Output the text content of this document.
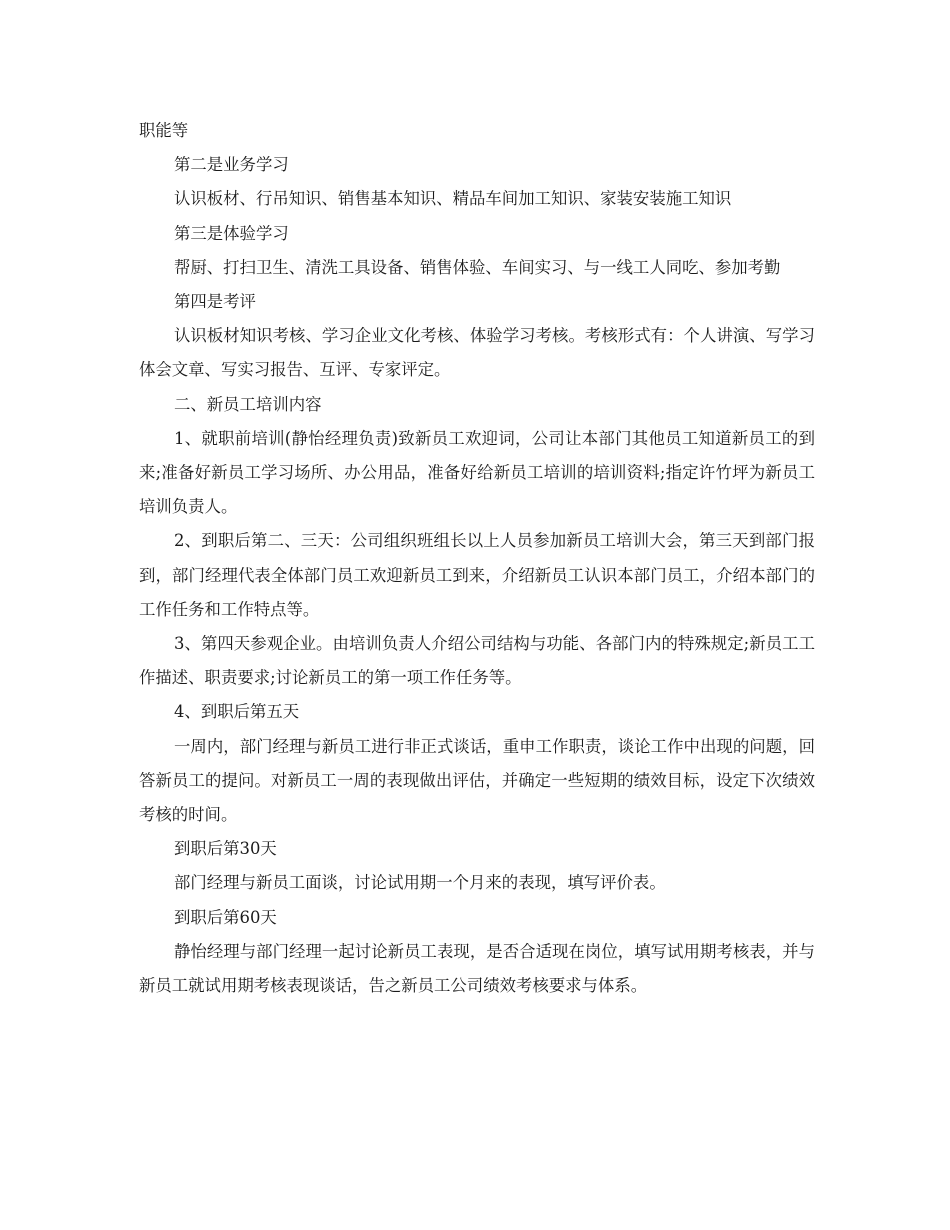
职能等

第二是业务学习

认识板材、行吊知识、销售基本知识、精品车间加工知识、家装安装施工知识

第三是体验学习

帮厨、打扫卫生、清洗工具设备、销售体验、车间实习、与一线工人同吃、参加考勤

第四是考评

认识板材知识考核、学习企业文化考核、体验学习考核。考核形式有：个人讲演、写学习体会文章、写实习报告、互评、专家评定。

二、新员工培训内容

1、就职前培训(静怡经理负责)致新员工欢迎词，公司让本部门其他员工知道新员工的到来;准备好新员工学习场所、办公用品，准备好给新员工培训的培训资料;指定许竹坪为新员工培训负责人。

2、到职后第二、三天：公司组织班组长以上人员参加新员工培训大会，第三天到部门报到，部门经理代表全体部门员工欢迎新员工到来，介绍新员工认识本部门员工，介绍本部门的工作任务和工作特点等。

3、第四天参观企业。由培训负责人介绍公司结构与功能、各部门内的特殊规定;新员工工作描述、职责要求;讨论新员工的第一项工作任务等。

4、到职后第五天

一周内，部门经理与新员工进行非正式谈话，重申工作职责，谈论工作中出现的问题，回答新员工的提问。对新员工一周的表现做出评估，并确定一些短期的绩效目标，设定下次绩效考核的时间。

到职后第30天

部门经理与新员工面谈，讨论试用期一个月来的表现，填写评价表。

到职后第60天

静怡经理与部门经理一起讨论新员工表现，是否合适现在岗位，填写试用期考核表，并与新员工就试用期考核表现谈话，告之新员工公司绩效考核要求与体系。
